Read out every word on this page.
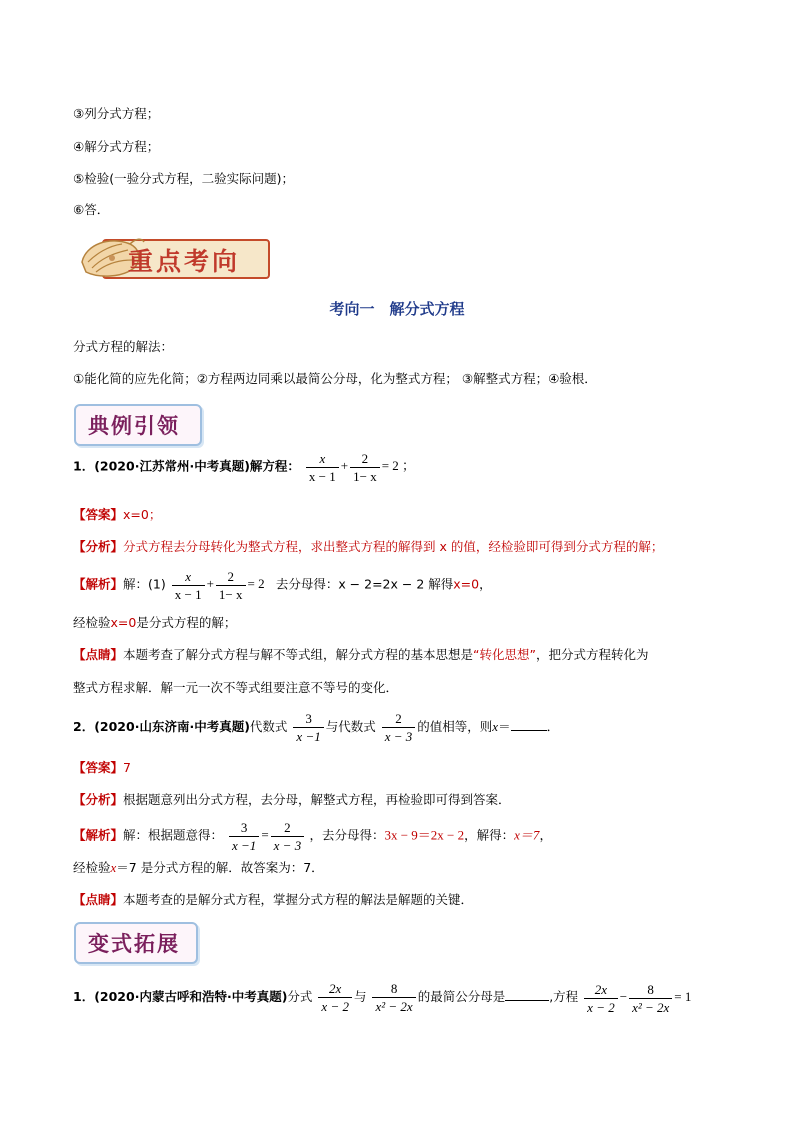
③列分式方程；
④解分式方程；
⑤检验(一验分式方程，二验实际问题)；
⑥答．
重点考向
考向一　解分式方程
分式方程的解法：
①能化简的应先化简；②方程两边同乘以最简公分母，化为整式方程； ③解整式方程；④验根．
典例引领
1．(2020·江苏常州·中考真题)解方程： $\frac{x}{x - 1} + \frac{2}{1- x} = 2$ ；
【答案】x=0；
【分析】分式方程去分母转化为整式方程，求出整式方程的解得到 x 的值，经检验即可得到分式方程的解；
【解析】解：$(1) \frac{x}{x - 1} + \frac{2}{1- x} = 2$ 去分母得：x − 2=2x − 2 解得x=0，
经检验x=0是分式方程的解；
【点睛】本题考查了解分式方程与解不等式组，解分式方程的基本思想是“转化思想”，把分式方程转化为
整式方程求解．解一元一次不等式组要注意不等号的变化．
2．(2020·山东济南·中考真题)代数式 $\frac{3}{x -1}$ 与代数式 $\frac{2}{x - 3}$ 的值相等，则x＝	．
【答案】7
【分析】根据题意列出分式方程，去分母，解整式方程，再检验即可得到答案．
【解析】解：根据题意得： $\frac{3}{x -1} = \frac{2}{x - 3}$ ，去分母得：3x − 9＝2x − 2，解得：x＝7，
经检验x＝7 是分式方程的解．故答案为：7．
【点睛】本题考查的是解分式方程，掌握分式方程的解法是解题的关键．
变式拓展
1．(2020·内蒙古呼和浩特·中考真题)分式 $\frac{2x}{x - 2}$ 与 $\frac{8}{\text{x² − 2x}}$ 的最简公分母是	,方程 $\frac{2x}{x - 2} - \frac{8}{\text{x² − 2x}} = 1$
